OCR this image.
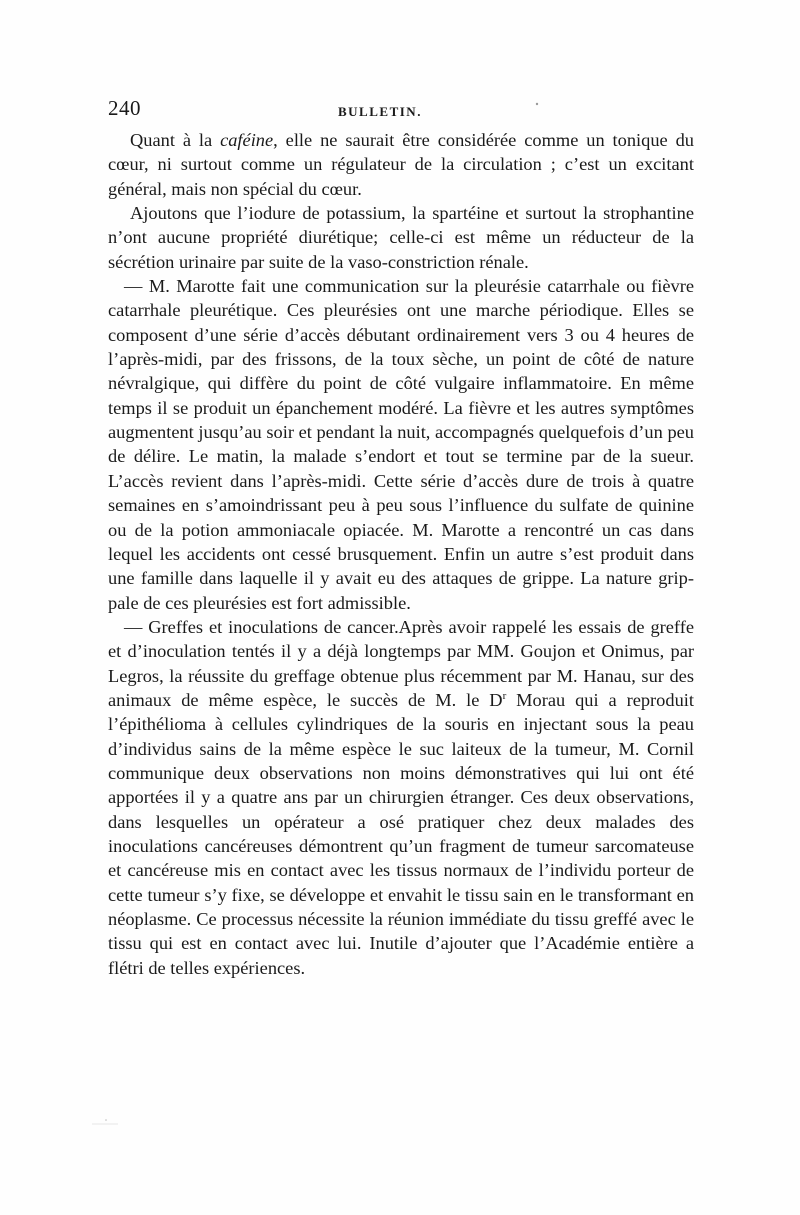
240	BULLETIN.

Quant à la caféine, elle ne saurait être considérée comme un tonique du cœur, ni surtout comme un régulateur de la circulation ; c’est un excitant général, mais non spécial du cœur.

Ajoutons que l’iodure de potassium, la spartéine et surtout la strophantine n’ont aucune propriété diurétique; celle-ci est même un réducteur de la sécrétion urinaire par suite de la vaso-constriction rénale.

— M. Marotte fait une communication sur la pleurésie catarrhale ou fièvre catarrhale pleurétique. Ces pleurésies ont une marche périodique. Elles se composent d’une série d’accès débutant ordinairement vers 3 ou 4 heures de l’après-midi, par des frissons, de la toux sèche, un point de côté de nature névralgique, qui diffère du point de côté vulgaire inflammatoire. En même temps il se produit un épanchement modéré. La fièvre et les autres symptômes augmentent jusqu’au soir et pendant la nuit, accompagnés quelquefois d’un peu de délire. Le matin, la malade s’endort et tout se termine par de la sueur. L’accès revient dans l’après-midi. Cette série d’accès dure de trois à quatre semaines en s’amoindrissant peu à peu sous l’influence du sulfate de quinine ou de la potion ammoniacale opiacée. M. Marotte a rencontré un cas dans lequel les accidents ont cessé brusquement. Enfin un autre s’est produit dans une famille dans laquelle il y avait eu des attaques de grippe. La nature grippale de ces pleurésies est fort admissible.

— Greffes et inoculations de cancer.Après avoir rappelé les essais de greffe et d’inoculation tentés il y a déjà longtemps par MM. Goujon et Onimus, par Legros, la réussite du greffage obtenue plus récemment par M. Hanau, sur des animaux de même espèce, le succès de M. le $D^r$ Morau qui a reproduit l’épithélioma à cellules cylindriques de la souris en injectant sous la peau d’individus sains de la même espèce le suc laiteux de la tumeur, M. Cornil communique deux observations non moins démonstratives qui lui ont été apportées il y a quatre ans par un chirurgien étranger. Ces deux observations, dans lesquelles un opérateur a osé pratiquer chez deux malades des inoculations cancéreuses démontrent qu’un fragment de tumeur sarcomateuse et cancéreuse mis en contact avec les tissus normaux de l’individu porteur de cette tumeur s’y fixe, se développe et envahit le tissu sain en le transformant en néoplasme. Ce processus nécessite la réunion immédiate du tissu greffé avec le tissu qui est en contact avec lui. Inutile d’ajouter que l’Académie entière a flétri de telles expériences.
